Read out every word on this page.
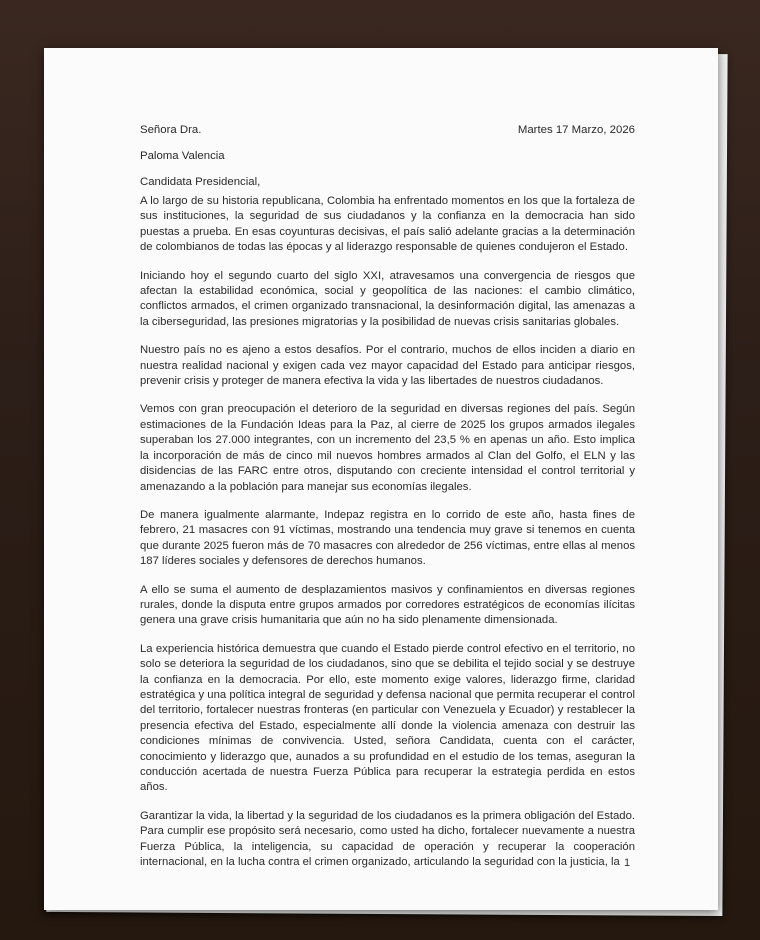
Señora Dra.	Martes 17 Marzo, 2026
Paloma Valencia
Candidata Presidencial,

A lo largo de su historia republicana, Colombia ha enfrentado momentos en los que la fortaleza de sus instituciones, la seguridad de sus ciudadanos y la confianza en la democracia han sido puestas a prueba. En esas coyunturas decisivas, el país salió adelante gracias a la determinación de colombianos de todas las épocas y al liderazgo responsable de quienes condujeron el Estado.

Iniciando hoy el segundo cuarto del siglo XXI, atravesamos una convergencia de riesgos que afectan la estabilidad económica, social y geopolítica de las naciones: el cambio climático, conflictos armados, el crimen organizado transnacional, la desinformación digital, las amenazas a la ciberseguridad, las presiones migratorias y la posibilidad de nuevas crisis sanitarias globales.

Nuestro país no es ajeno a estos desafíos. Por el contrario, muchos de ellos inciden a diario en nuestra realidad nacional y exigen cada vez mayor capacidad del Estado para anticipar riesgos, prevenir crisis y proteger de manera efectiva la vida y las libertades de nuestros ciudadanos.

Vemos con gran preocupación el deterioro de la seguridad en diversas regiones del país. Según estimaciones de la Fundación Ideas para la Paz, al cierre de 2025 los grupos armados ilegales superaban los 27.000 integrantes, con un incremento del 23,5 % en apenas un año. Esto implica la incorporación de más de cinco mil nuevos hombres armados al Clan del Golfo, el ELN y las disidencias de las FARC entre otros, disputando con creciente intensidad el control territorial y amenazando a la población para manejar sus economías ilegales.

De manera igualmente alarmante, Indepaz registra en lo corrido de este año, hasta fines de febrero, 21 masacres con 91 víctimas, mostrando una tendencia muy grave si tenemos en cuenta que durante 2025 fueron más de 70 masacres con alrededor de 256 víctimas, entre ellas al menos 187 líderes sociales y defensores de derechos humanos.

A ello se suma el aumento de desplazamientos masivos y confinamientos en diversas regiones rurales, donde la disputa entre grupos armados por corredores estratégicos de economías ilícitas genera una grave crisis humanitaria que aún no ha sido plenamente dimensionada.

La experiencia histórica demuestra que cuando el Estado pierde control efectivo en el territorio, no solo se deteriora la seguridad de los ciudadanos, sino que se debilita el tejido social y se destruye la confianza en la democracia. Por ello, este momento exige valores, liderazgo firme, claridad estratégica y una política integral de seguridad y defensa nacional que permita recuperar el control del territorio, fortalecer nuestras fronteras (en particular con Venezuela y Ecuador) y restablecer la presencia efectiva del Estado, especialmente allí donde la violencia amenaza con destruir las condiciones mínimas de convivencia. Usted, señora Candidata, cuenta con el carácter, conocimiento y liderazgo que, aunados a su profundidad en el estudio de los temas, aseguran la conducción acertada de nuestra Fuerza Pública para recuperar la estrategia perdida en estos años.

Garantizar la vida, la libertad y la seguridad de los ciudadanos es la primera obligación del Estado. Para cumplir ese propósito será necesario, como usted ha dicho, fortalecer nuevamente a nuestra Fuerza Pública, la inteligencia, su capacidad de operación y recuperar la cooperación internacional, en la lucha contra el crimen organizado, articulando la seguridad con la justicia, la 1
